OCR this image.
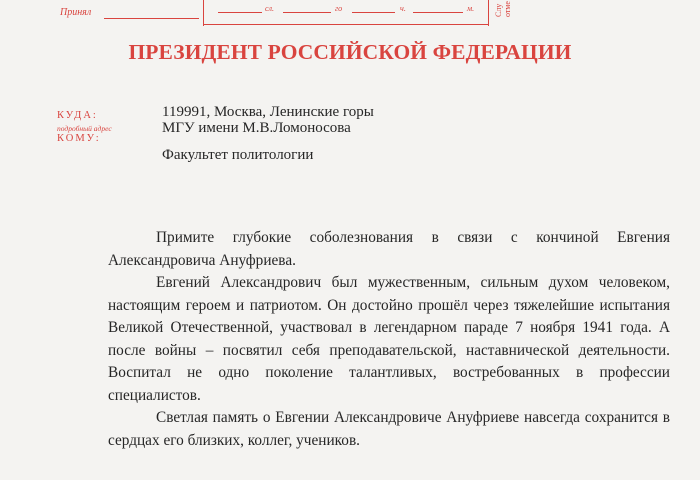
Принял	сл.	го	ч.	м. Слу
отме
ПРЕЗИДЕНТ РОССИЙСКОЙ ФЕДЕРАЦИИ
КУДА:
подробный адрес
КОМУ:
119991, Москва, Ленинские горы
МГУ имени М.В.Ломоносова
Факультет политологии

Примите глубокие соболезнования в связи с кончиной Евгения Александровича Ануфриева.

Евгений Александрович был мужественным, сильным духом человеком, настоящим героем и патриотом. Он достойно прошёл через тяжелейшие испытания Великой Отечественной, участвовал в легендарном параде 7 ноября 1941 года. А после войны – посвятил себя преподавательской, наставнической деятельности. Воспитал не одно поколение талантливых, востребованных в профессии специалистов.

Светлая память о Евгении Александровиче Ануфриеве навсегда сохранится в сердцах его близких, коллег, учеников.
